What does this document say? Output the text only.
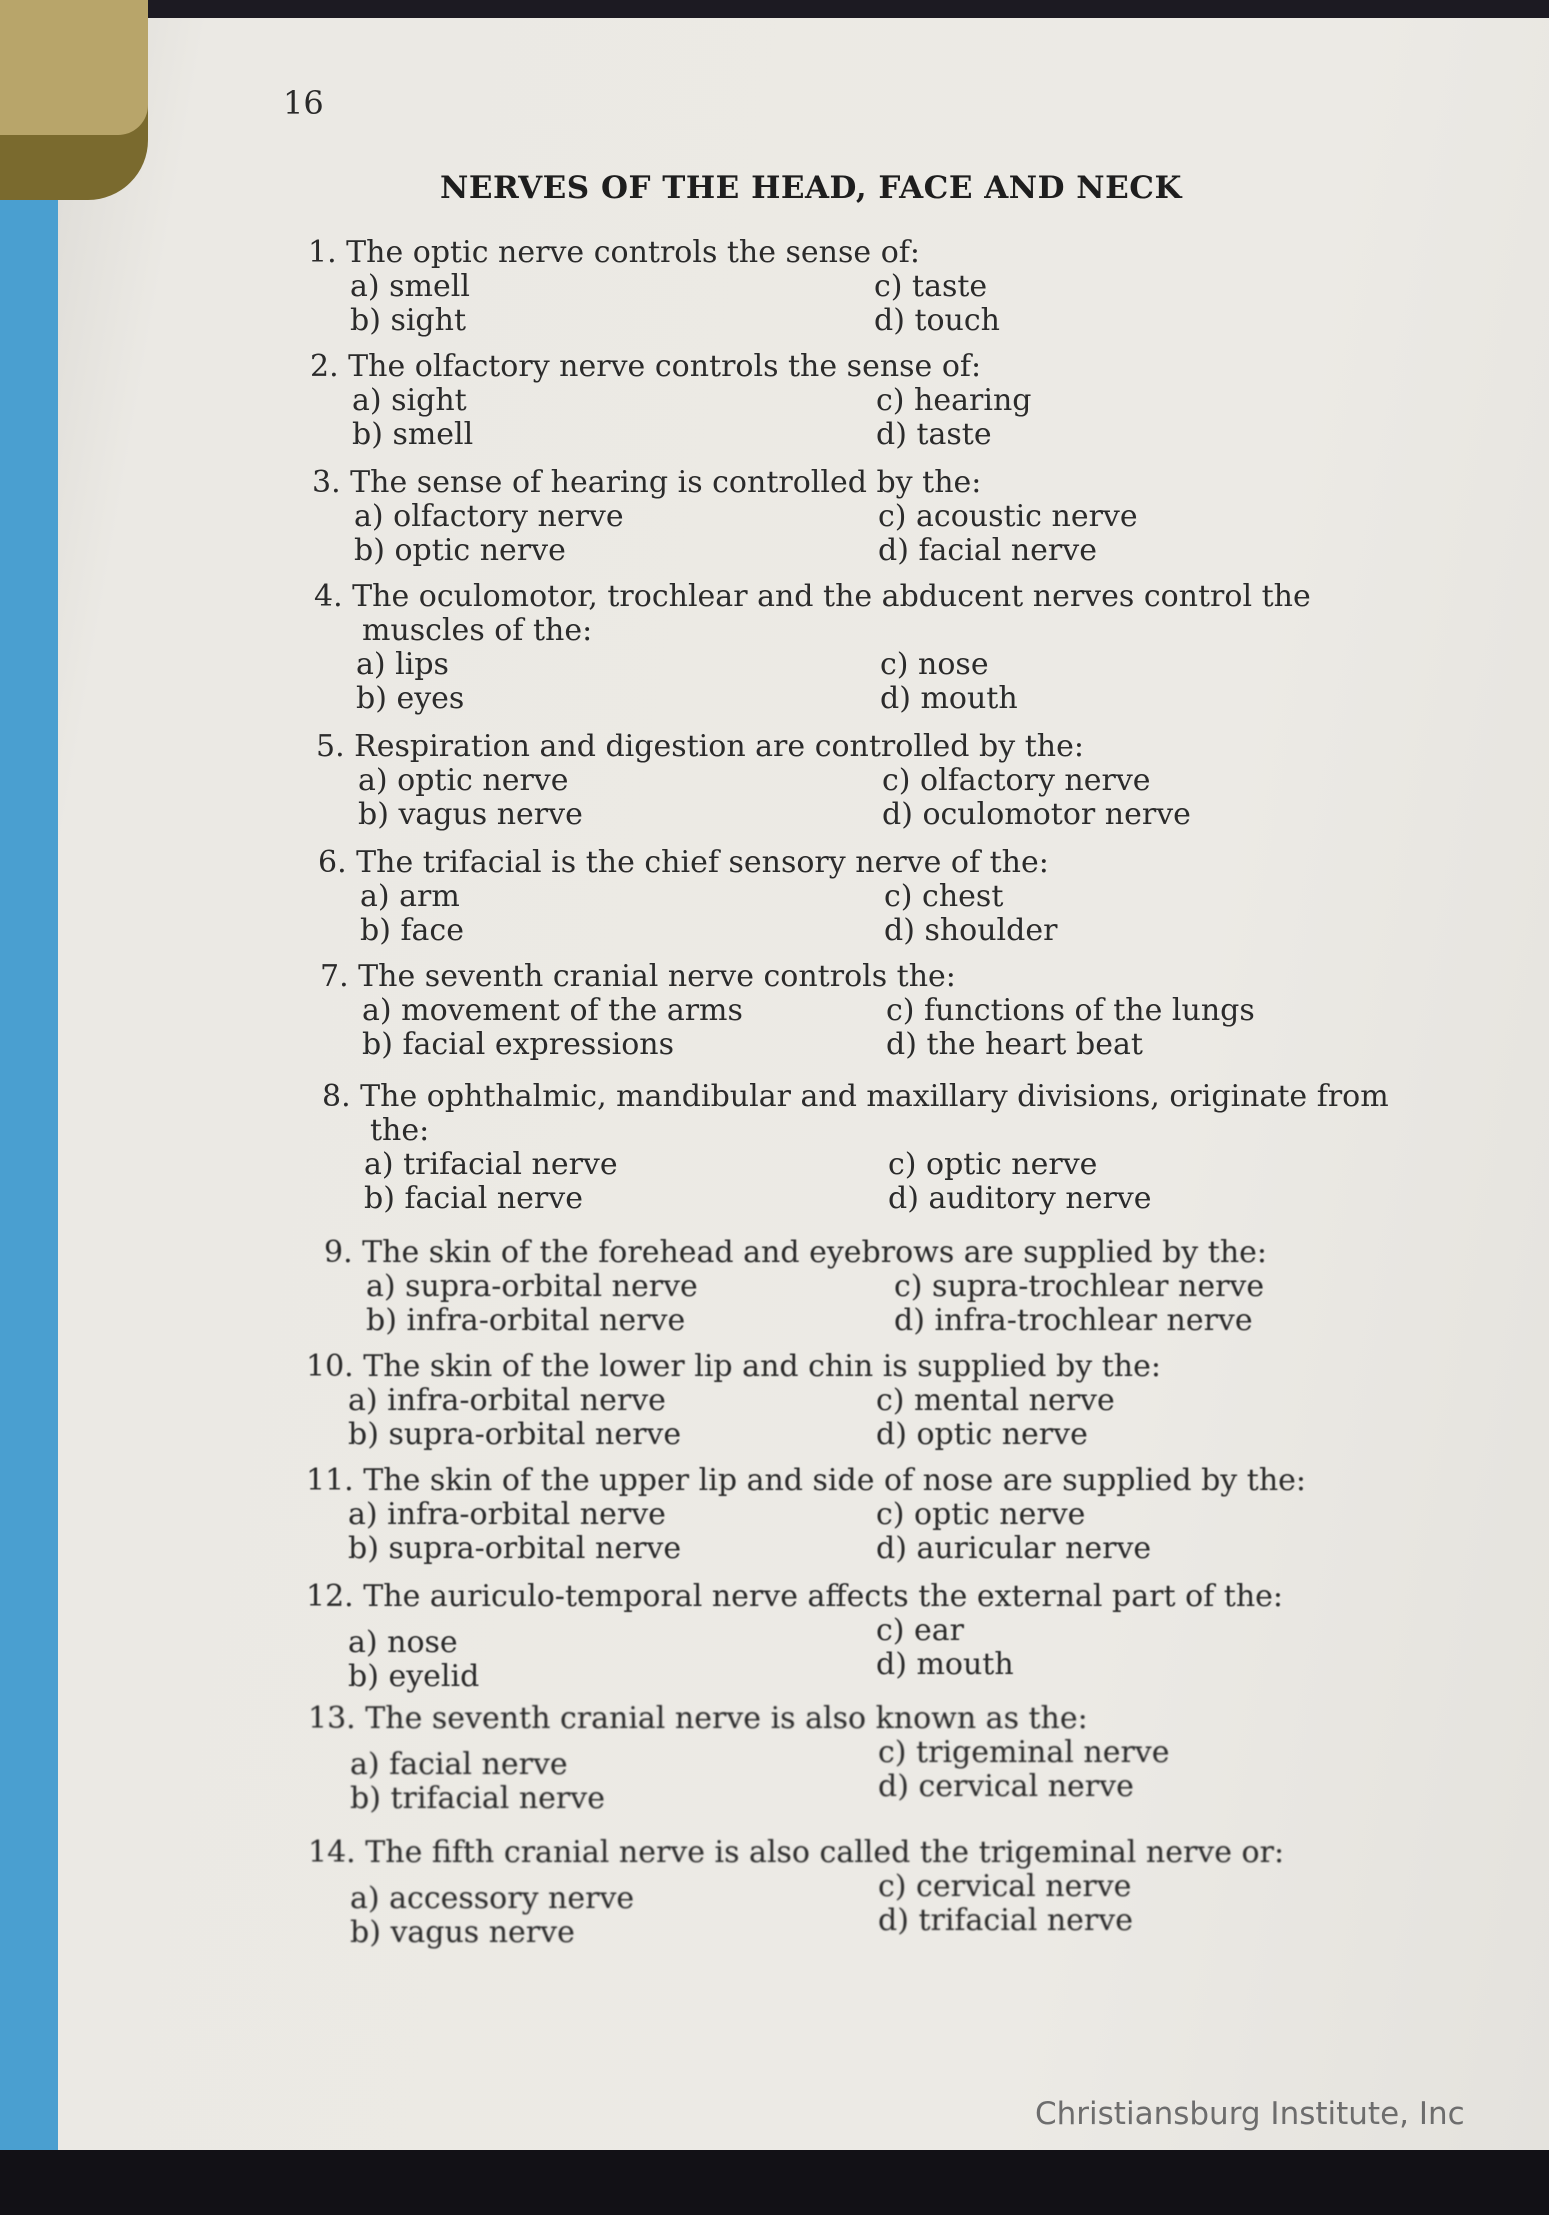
16
NERVES OF THE HEAD, FACE AND NECK
1. The optic nerve controls the sense of:
a) smell
b) sight
c) taste
d) touch
2. The olfactory nerve controls the sense of:
a) sight
b) smell
c) hearing
d) taste
3. The sense of hearing is controlled by the:
a) olfactory nerve
b) optic nerve
c) acoustic nerve
d) facial nerve
4. The oculomotor, trochlear and the abducent nerves control the
muscles of the:
a) lips
b) eyes
c) nose
d) mouth
5. Respiration and digestion are controlled by the:
a) optic nerve
b) vagus nerve
c) olfactory nerve
d) oculomotor nerve
6. The trifacial is the chief sensory nerve of the:
a) arm
b) face
c) chest
d) shoulder
7. The seventh cranial nerve controls the:
a) movement of the arms
b) facial expressions
c) functions of the lungs
d) the heart beat
8. The ophthalmic, mandibular and maxillary divisions, originate from
the:
a) trifacial nerve
b) facial nerve
c) optic nerve
d) auditory nerve
9. The skin of the forehead and eyebrows are supplied by the:
a) supra-orbital nerve
b) infra-orbital nerve
c) supra-trochlear nerve
d) infra-trochlear nerve
10. The skin of the lower lip and chin is supplied by the:
a) infra-orbital nerve
b) supra-orbital nerve
c) mental nerve
d) optic nerve
11. The skin of the upper lip and side of nose are supplied by the:
a) infra-orbital nerve
b) supra-orbital nerve
c) optic nerve
d) auricular nerve
12. The auriculo-temporal nerve affects the external part of the:
a) nose
b) eyelid
c) ear
d) mouth
13. The seventh cranial nerve is also known as the:
a) facial nerve
b) trifacial nerve
c) trigeminal nerve
d) cervical nerve
14. The fifth cranial nerve is also called the trigeminal nerve or:
a) accessory nerve
b) vagus nerve
c) cervical nerve
d) trifacial nerve
Christiansburg Institute, Inc
